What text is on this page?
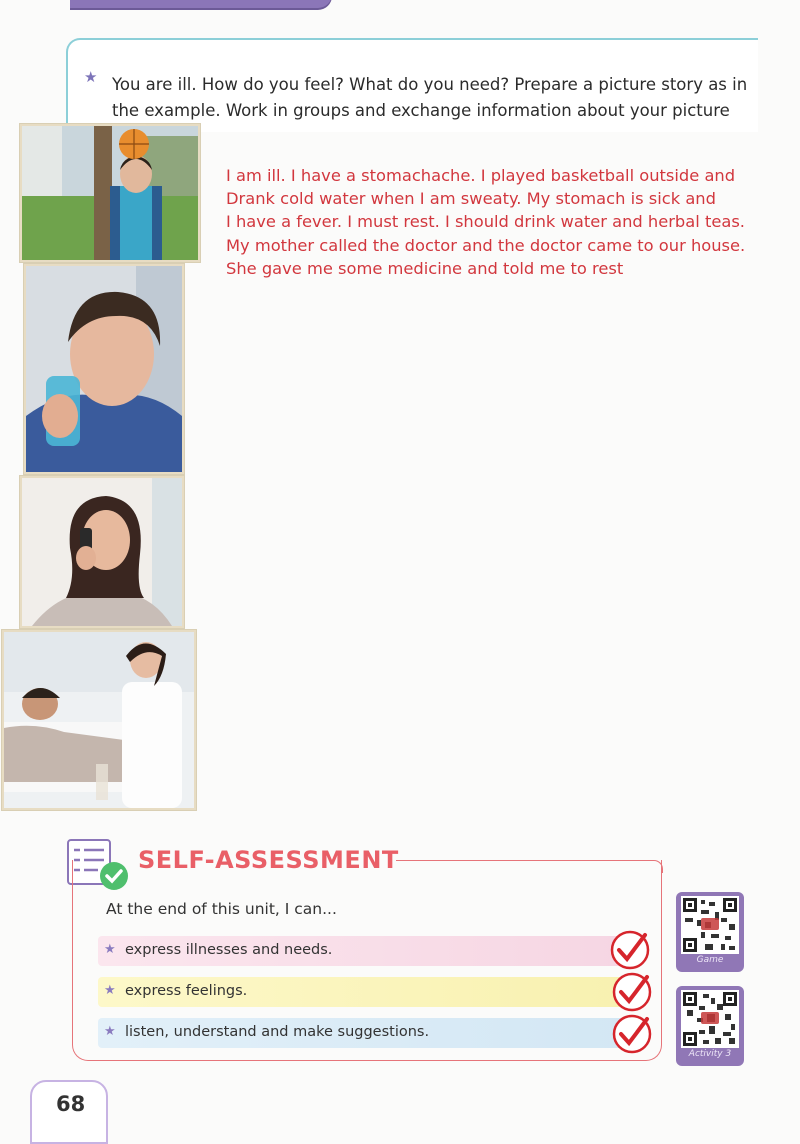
★ You are ill. How do you feel? What do you need? Prepare a picture story as in the example. Work in groups and exchange information about your picture
I am ill. I have a stomachache. I played basketball outside and
Drank cold water when I am sweaty. My stomach is sick and
I have a fever. I must rest. I should drink water and herbal teas.
My mother called the doctor and the doctor came to our house.
She gave me some medicine and told me to rest
SELF-ASSESSMENT
At the end of this unit, I can...
★ express illnesses and needs.
★ express feelings.
★ listen, understand and make suggestions.
Game
Activity 3
68
